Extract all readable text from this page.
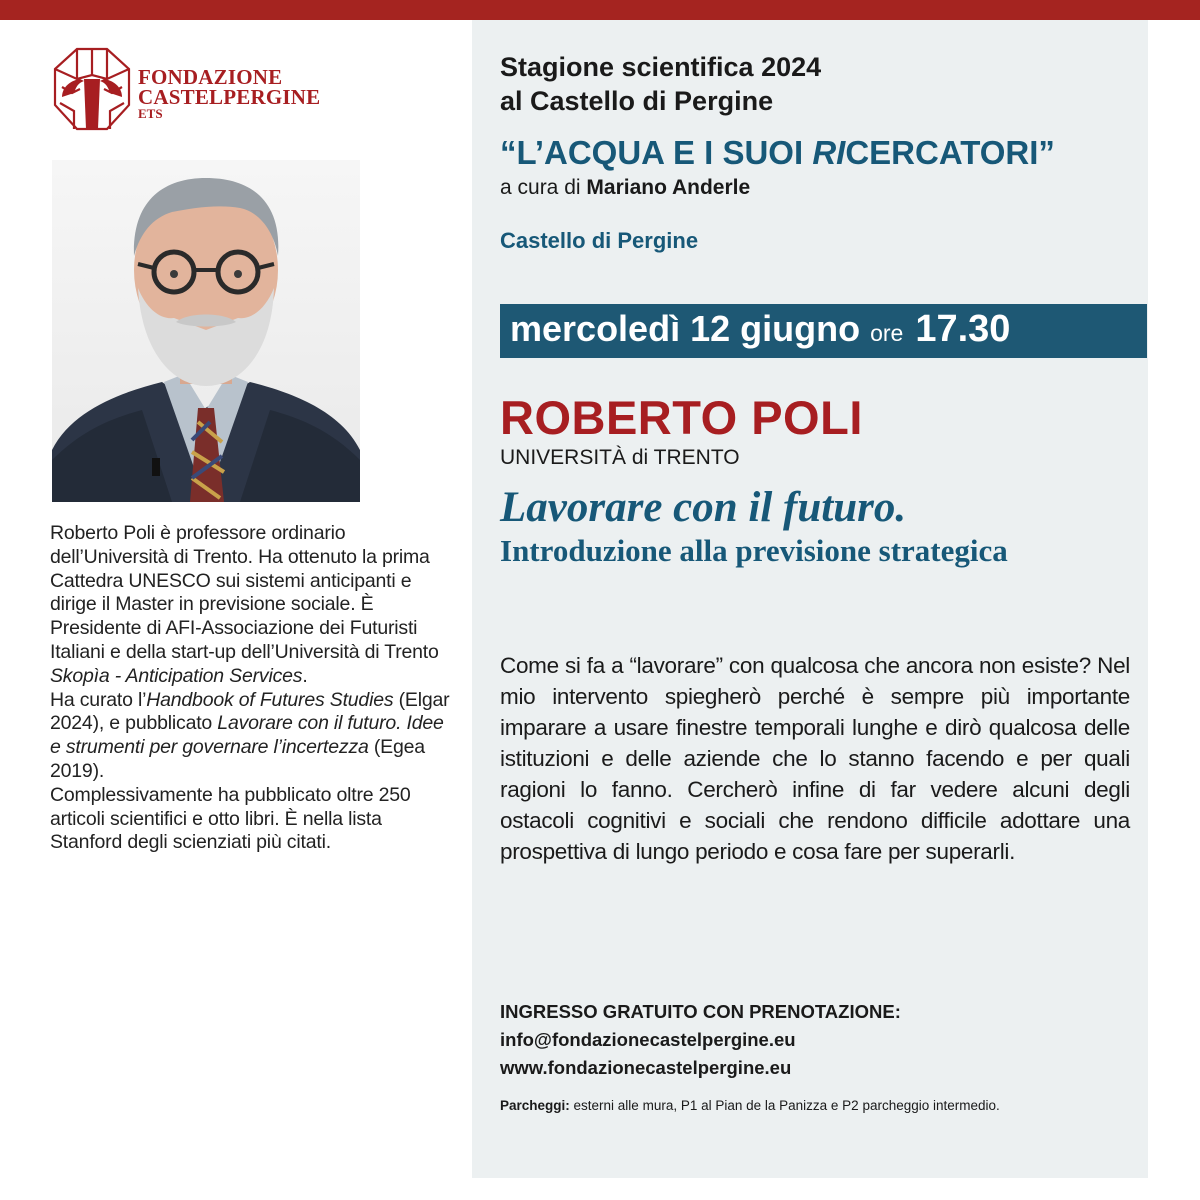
FONDAZIONE
CASTELPERGINE
ETS

Roberto Poli è professore ordinario dell’Università di Trento. Ha ottenuto la prima Cattedra UNESCO sui sistemi anticipanti e dirige il Master in previsione sociale. È Presidente di AFI-Associazione dei Futuristi Italiani e della start-up dell’Università di Trento Skopìa - Anticipation Services.

Ha curato l’Handbook of Futures Studies (Elgar 2024), e pubblicato Lavorare con il futuro. Idee e strumenti per governare l’incertezza (Egea 2019).

Complessivamente ha pubblicato oltre 250 articoli scientifici e otto libri. È nella lista Stanford degli scienziati più citati.

Stagione scientifica 2024
al Castello di Pergine
“L’ACQUA E I SUOI RICERCATORI”
a cura di Mariano Anderle
Castello di Pergine
mercoledì 12 giugno ore 17.30
ROBERTO POLI
UNIVERSITÀ di TRENTO
Lavorare con il futuro.
Introduzione alla previsione strategica

Come si fa a “lavorare” con qualcosa che ancora non esiste? Nel mio intervento spiegherò perché è sempre più importante imparare a usare finestre temporali lunghe e dirò qualcosa delle istituzioni e delle aziende che lo stanno facendo e per quali ragioni lo fanno. Cercherò infine di far vedere alcuni degli ostacoli cognitivi e sociali che rendono difficile adottare una prospettiva di lungo periodo e cosa fare per superarli.

INGRESSO GRATUITO CON PRENOTAZIONE:
info@fondazionecastelpergine.eu
www.fondazionecastelpergine.eu
Parcheggi: esterni alle mura, P1 al Pian de la Panizza e P2 parcheggio intermedio.
